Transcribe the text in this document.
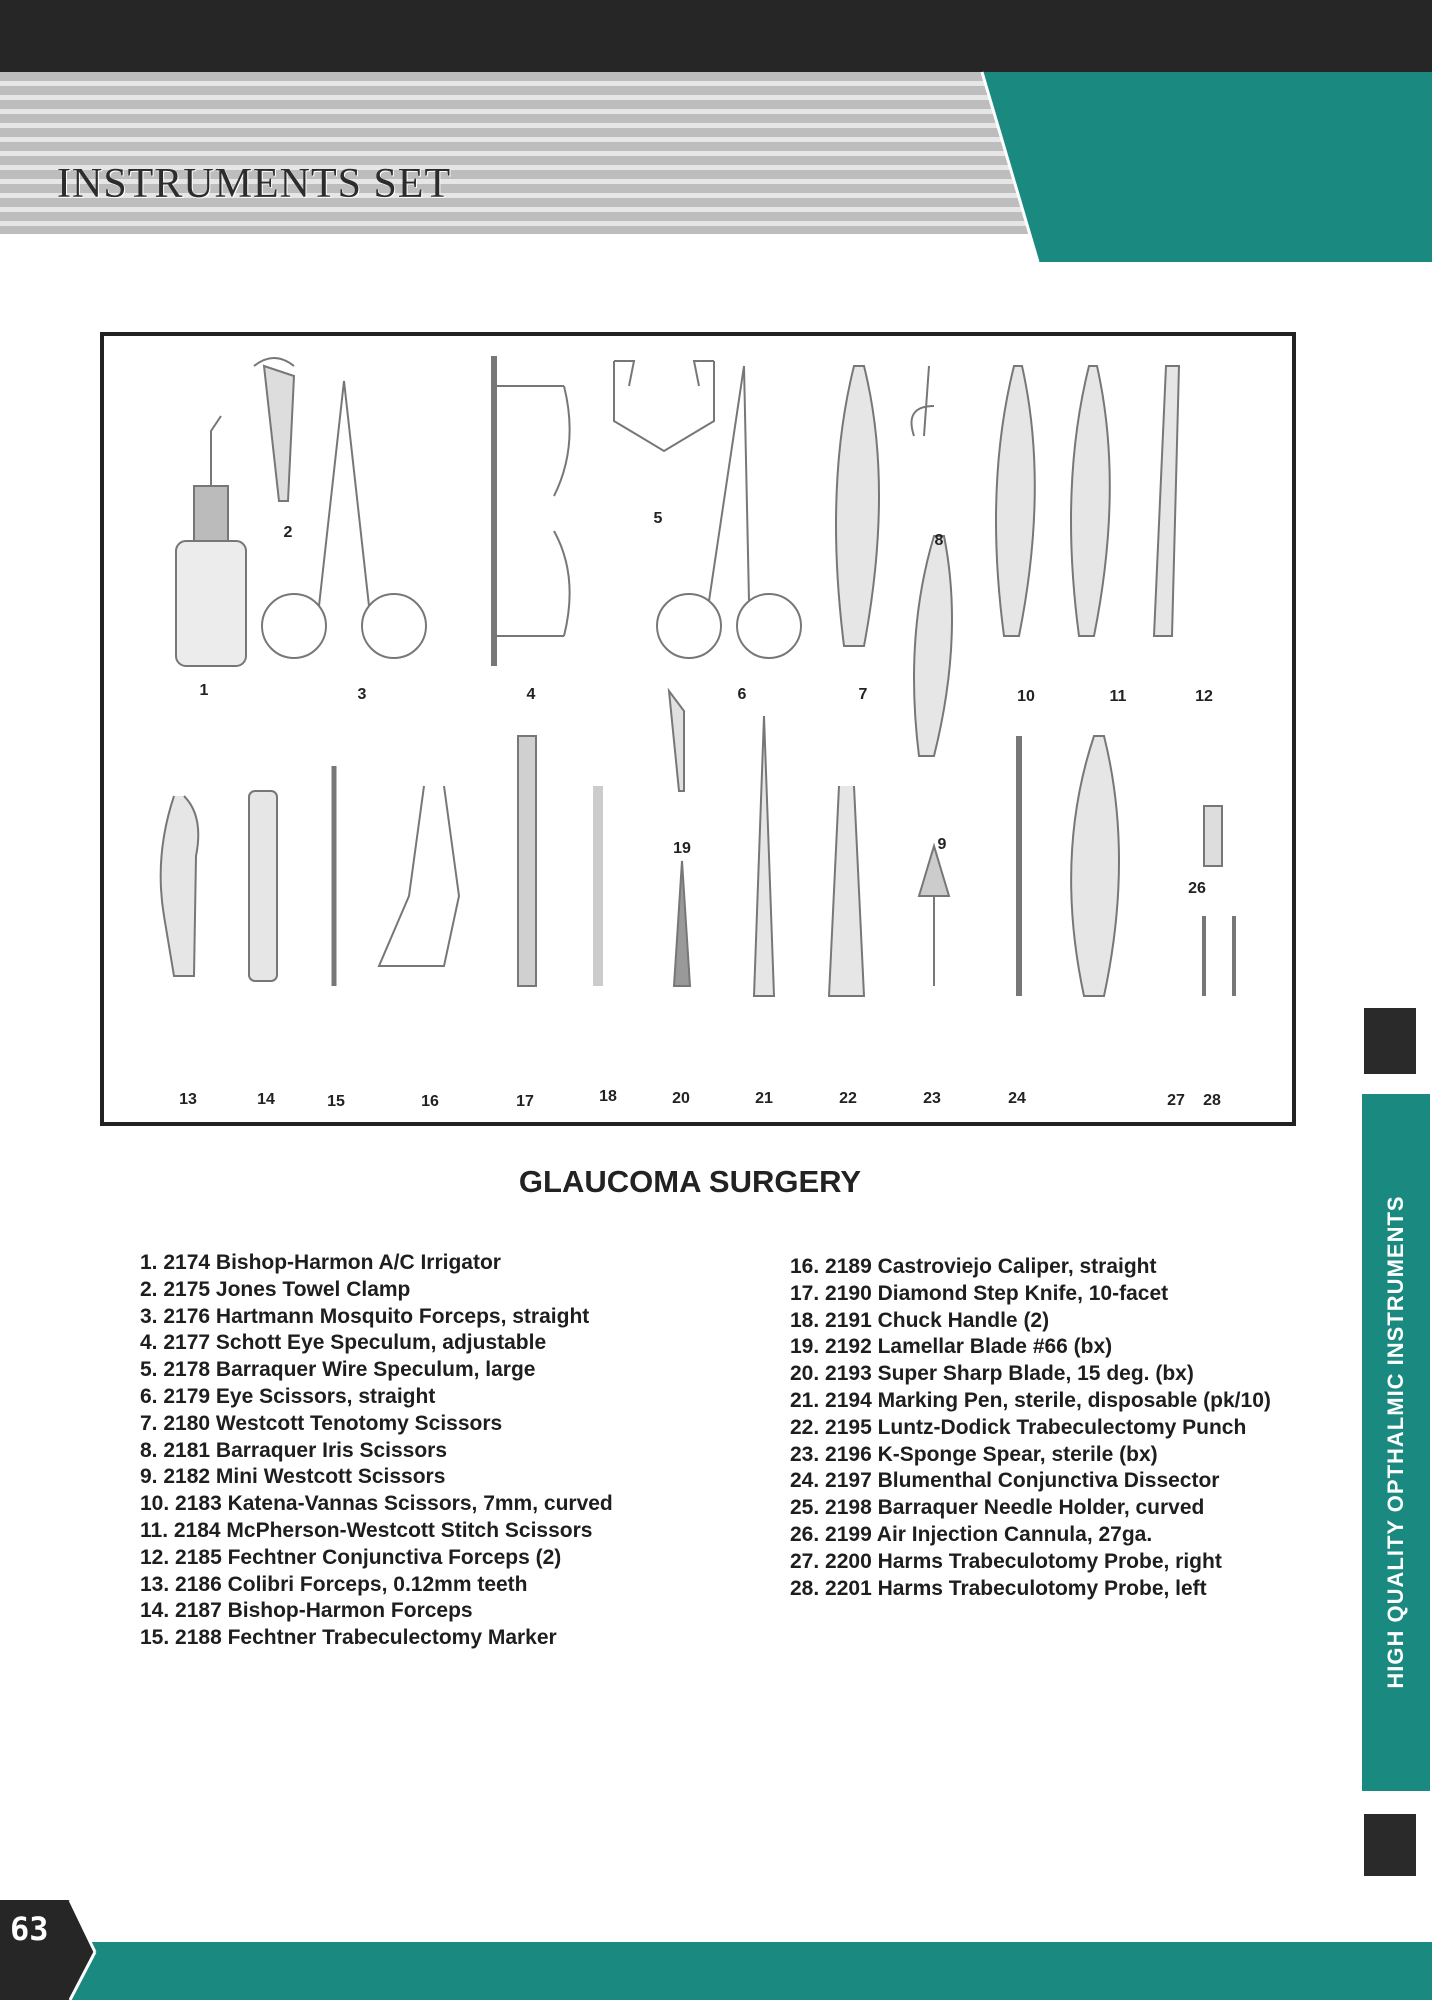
INSTRUMENTS SET
1
2
3	4
5
6	7
8
9
10	11	12
13	14	15	16	17	18
19
20	21	22	23	24
26
27 28
GLAUCOMA SURGERY
1. 2174 Bishop-Harmon A/C Irrigator
2. 2175 Jones Towel Clamp
3. 2176 Hartmann Mosquito Forceps, straight
4. 2177 Schott Eye Speculum, adjustable
5. 2178 Barraquer Wire Speculum, large
6. 2179 Eye Scissors, straight
7. 2180 Westcott Tenotomy Scissors
8. 2181 Barraquer Iris Scissors
9. 2182 Mini Westcott Scissors
10. 2183 Katena-Vannas Scissors, 7mm, curved
11. 2184 McPherson-Westcott Stitch Scissors
12. 2185 Fechtner Conjunctiva Forceps (2)
13. 2186 Colibri Forceps, 0.12mm teeth
14. 2187 Bishop-Harmon Forceps
15. 2188 Fechtner Trabeculectomy Marker
16. 2189 Castroviejo Caliper, straight
17. 2190 Diamond Step Knife, 10-facet
18. 2191 Chuck Handle (2)
19. 2192 Lamellar Blade #66 (bx)
20. 2193 Super Sharp Blade, 15 deg. (bx)
21. 2194 Marking Pen, sterile, disposable (pk/10)
22. 2195 Luntz-Dodick Trabeculectomy Punch
23. 2196 K-Sponge Spear, sterile (bx)
24. 2197 Blumenthal Conjunctiva Dissector
25. 2198 Barraquer Needle Holder, curved
26. 2199 Air Injection Cannula, 27ga.
27. 2200 Harms Trabeculotomy Probe, right
28. 2201 Harms Trabeculotomy Probe, left	HIGH QUALITY OPTHALMIC INSTRUMENTS
63
